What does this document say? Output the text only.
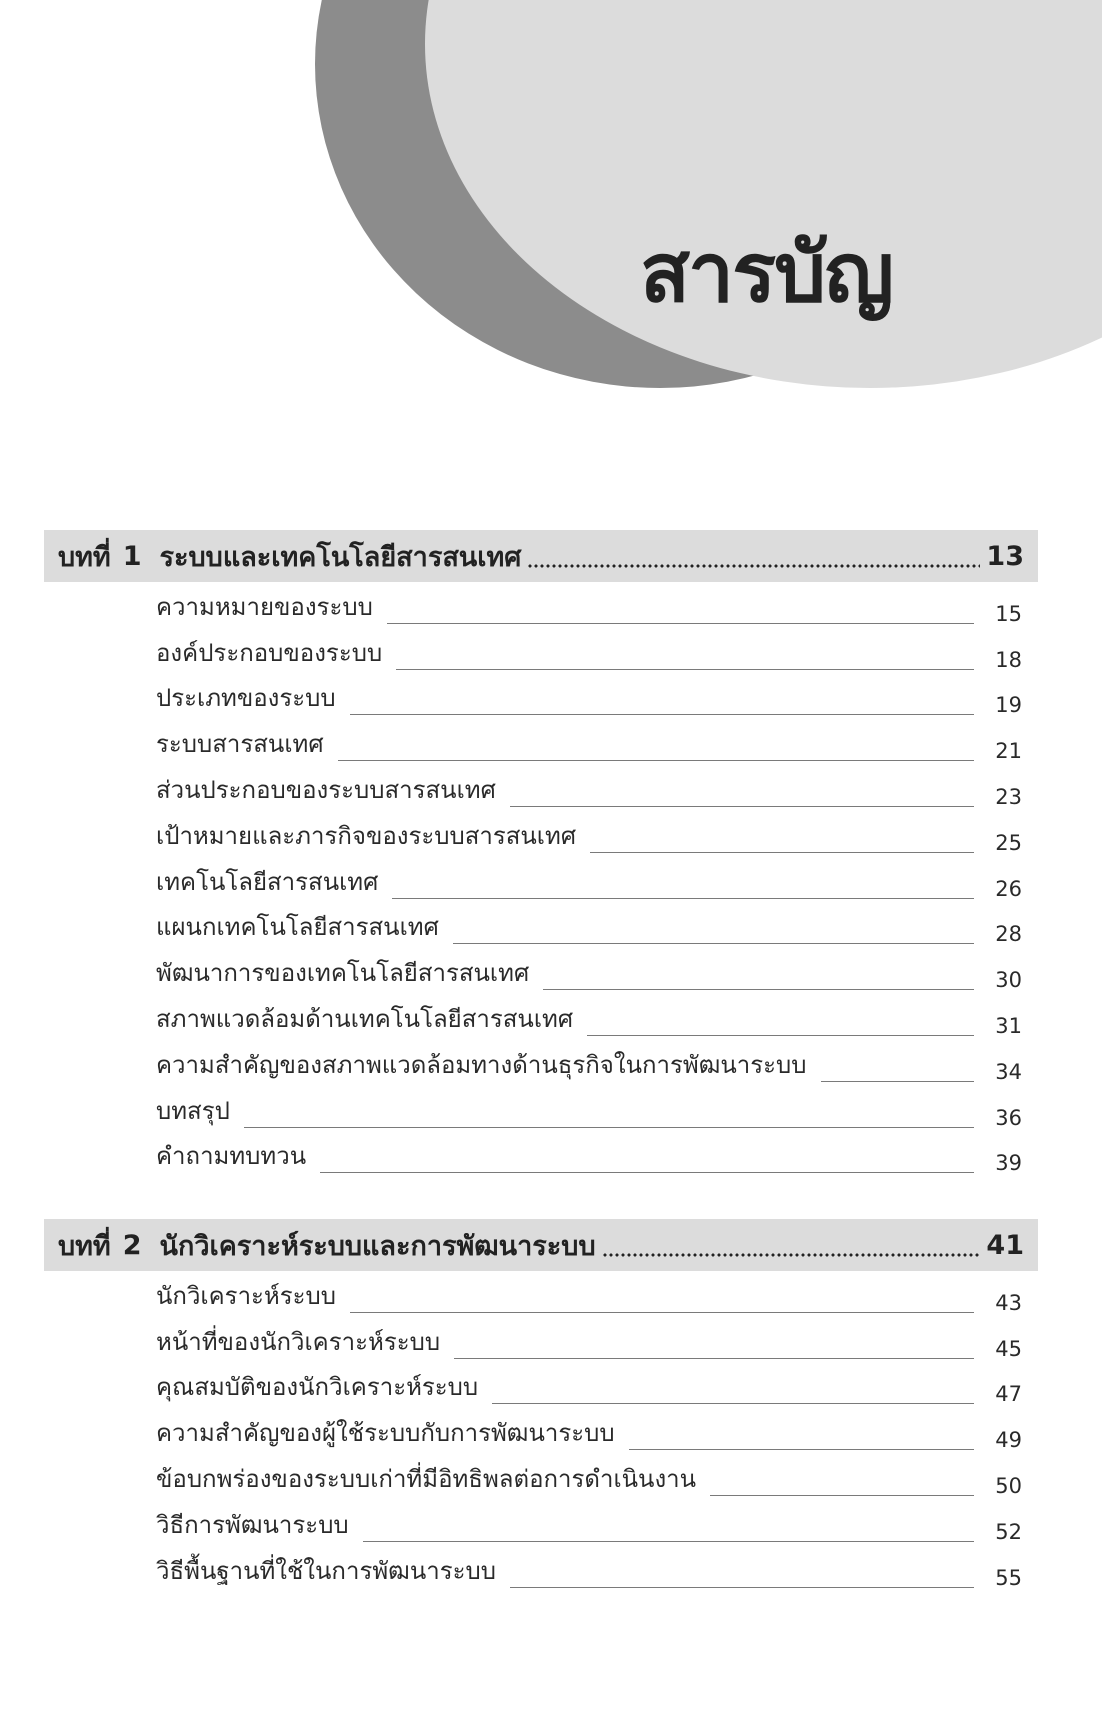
สารบัญ
บทที่ 1 ระบบและเทคโนโลยีสารสนเทศ	13
ความหมายของระบบ	15
องค์ประกอบของระบบ	18
ประเภทของระบบ	19
ระบบสารสนเทศ	21
ส่วนประกอบของระบบสารสนเทศ	23
เป้าหมายและภารกิจของระบบสารสนเทศ	25
เทคโนโลยีสารสนเทศ	26
แผนกเทคโนโลยีสารสนเทศ	28
พัฒนาการของเทคโนโลยีสารสนเทศ	30
สภาพแวดล้อมด้านเทคโนโลยีสารสนเทศ	31
ความสำคัญของสภาพแวดล้อมทางด้านธุรกิจในการพัฒนาระบบ	34
บทสรุป	36
คำถามทบทวน	39
บทที่ 2 นักวิเคราะห์ระบบและการพัฒนาระบบ	41
นักวิเคราะห์ระบบ	43
หน้าที่ของนักวิเคราะห์ระบบ	45
คุณสมบัติของนักวิเคราะห์ระบบ	47
ความสำคัญของผู้ใช้ระบบกับการพัฒนาระบบ	49
ข้อบกพร่องของระบบเก่าที่มีอิทธิพลต่อการดำเนินงาน	50
วิธีการพัฒนาระบบ	52
วิธีพื้นฐานที่ใช้ในการพัฒนาระบบ	55
